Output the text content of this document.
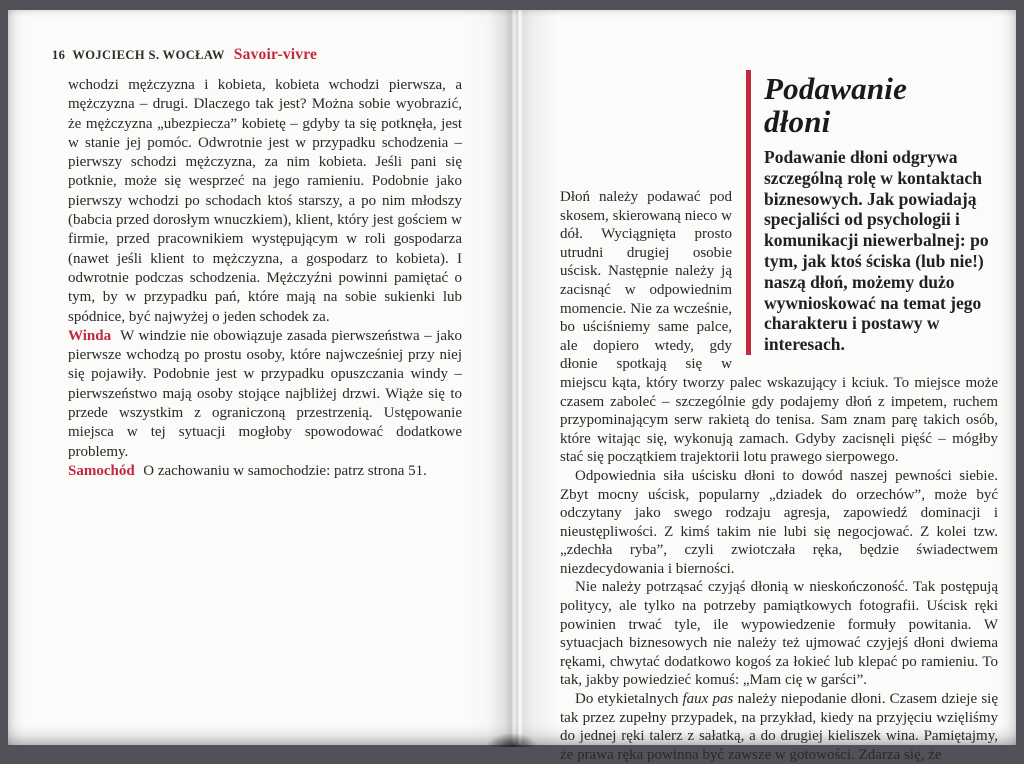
16 WOJCIECH S. WOCŁAW Savoir-vivre

wchodzi mężczyzna i kobieta, kobieta wchodzi pierwsza, a mężczyzna – drugi. Dlaczego tak jest? Można sobie wyobrazić, że mężczyzna „ubezpiecza” kobietę – gdyby ta się potknęła, jest w stanie jej pomóc. Odwrotnie jest w przypadku schodzenia – pierwszy schodzi mężczyzna, za nim kobieta. Jeśli pani się potknie, może się wesprzeć na jego ramieniu. Podobnie jako pierwszy wchodzi po schodach ktoś starszy, a po nim młodszy (babcia przed dorosłym wnuczkiem), klient, który jest gościem w firmie, przed pracownikiem występującym w roli gospodarza (nawet jeśli klient to mężczyzna, a gospodarz to kobieta). I odwrotnie podczas schodzenia. Mężczyźni powinni pamiętać o tym, by w przypadku pań, które mają na sobie sukienki lub spódnice, być najwyżej o jeden schodek za.

Winda W windzie nie obowiązuje zasada pierwszeństwa – jako pierwsze wchodzą po prostu osoby, które najwcześniej przy niej się pojawiły. Podobnie jest w przypadku opuszczania windy – pierwszeństwo mają osoby stojące najbliżej drzwi. Wiąże się to przede wszystkim z ograniczoną przestrzenią. Ustępowanie miejsca w tej sytuacji mogłoby spowodować dodatkowe problemy.

Samochód O zachowaniu w samochodzie: patrz strona 51.

Podawanie
dłoni

Podawanie dłoni odgrywa szczególną rolę w kontaktach biznesowych. Jak powiadają specjaliści od psychologii i komunikacji niewerbalnej: po tym, jak ktoś ściska (lub nie!) naszą dłoń, możemy dużo wywnioskować na temat jego charakteru i postawy w interesach.

Dłoń należy podawać pod skosem, skierowaną nieco w dół. Wyciągnięta prosto utrudni drugiej osobie uścisk. Następnie należy ją zacisnąć w odpowiednim momencie. Nie za wcześnie, bo uściśniemy same palce, ale dopiero wtedy, gdy dłonie spotkają się w miejscu kąta, który tworzy palec wskazujący i kciuk. To miejsce może czasem zaboleć – szczególnie gdy podajemy dłoń z impetem, ruchem przypominającym serw rakietą do tenisa. Sam znam parę takich osób, które witając się, wykonują zamach. Gdyby zacisnęli pięść – mógłby stać się początkiem trajektorii lotu prawego sierpowego.

Odpowiednia siła uścisku dłoni to dowód naszej pewności siebie. Zbyt mocny uścisk, popularny „dziadek do orzechów”, może być odczytany jako swego rodzaju agresja, zapowiedź dominacji i nieustępliwości. Z kimś takim nie lubi się negocjować. Z kolei tzw. „zdechła ryba”, czyli zwiotczała ręka, będzie świadectwem niezdecydowania i bierności.

Nie należy potrząsać czyjąś dłonią w nieskończoność. Tak postępują politycy, ale tylko na potrzeby pamiątkowych fotografii. Uścisk ręki powinien trwać tyle, ile wypowiedzenie formuły powitania. W sytuacjach biznesowych nie należy też ujmować czyjejś dłoni dwiema rękami, chwytać dodatkowo kogoś za łokieć lub klepać po ramieniu. To tak, jakby powiedzieć komuś: „Mam cię w garści”.

Do etykietalnych faux pas należy niepodanie dłoni. Czasem dzieje się tak przez zupełny przypadek, na przykład, kiedy na przyjęciu wzięliśmy do jednej ręki talerz z sałatką, a do drugiej kieliszek wina. Pamiętajmy, że prawa ręka powinna być zawsze w gotowości. Zdarza się, że
